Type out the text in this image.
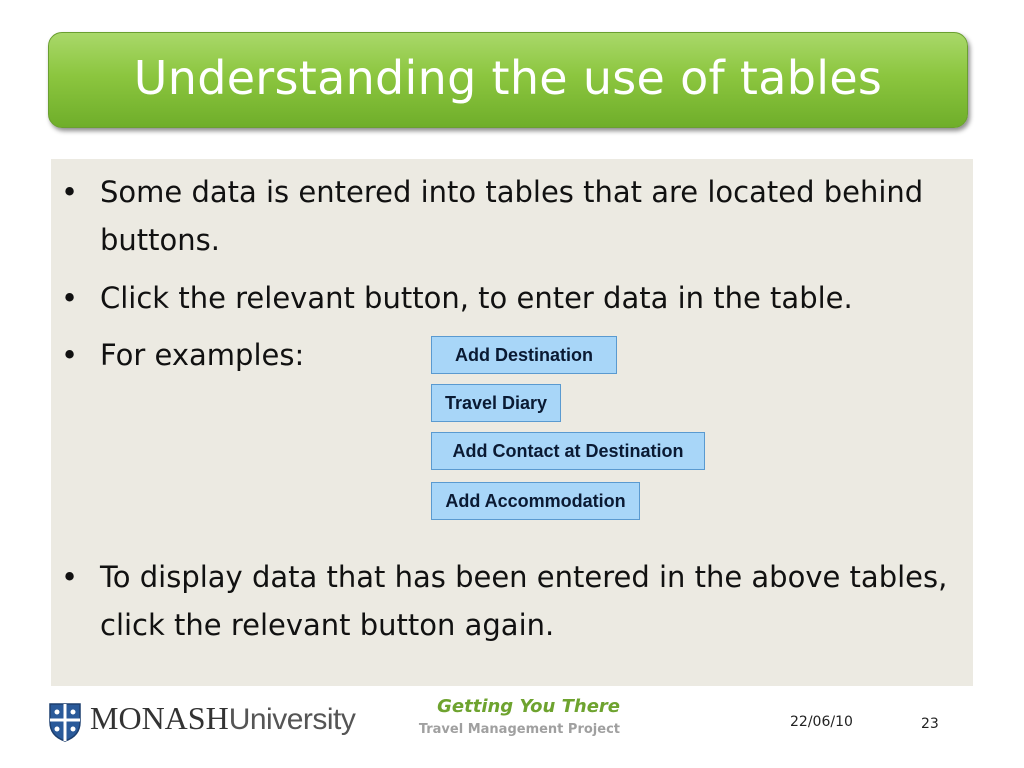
Understanding the use of tables
• Some data is entered into tables that are located behind buttons.
• Click the relevant button, to enter data in the table.
• For examples:	Add Destination
Travel Diary
Add Contact at Destination
Add Accommodation
• To display data that has been entered in the above tables, click the relevant button again.
MONASHUniversity	Getting You There
Travel Management Project	22/06/10	23
